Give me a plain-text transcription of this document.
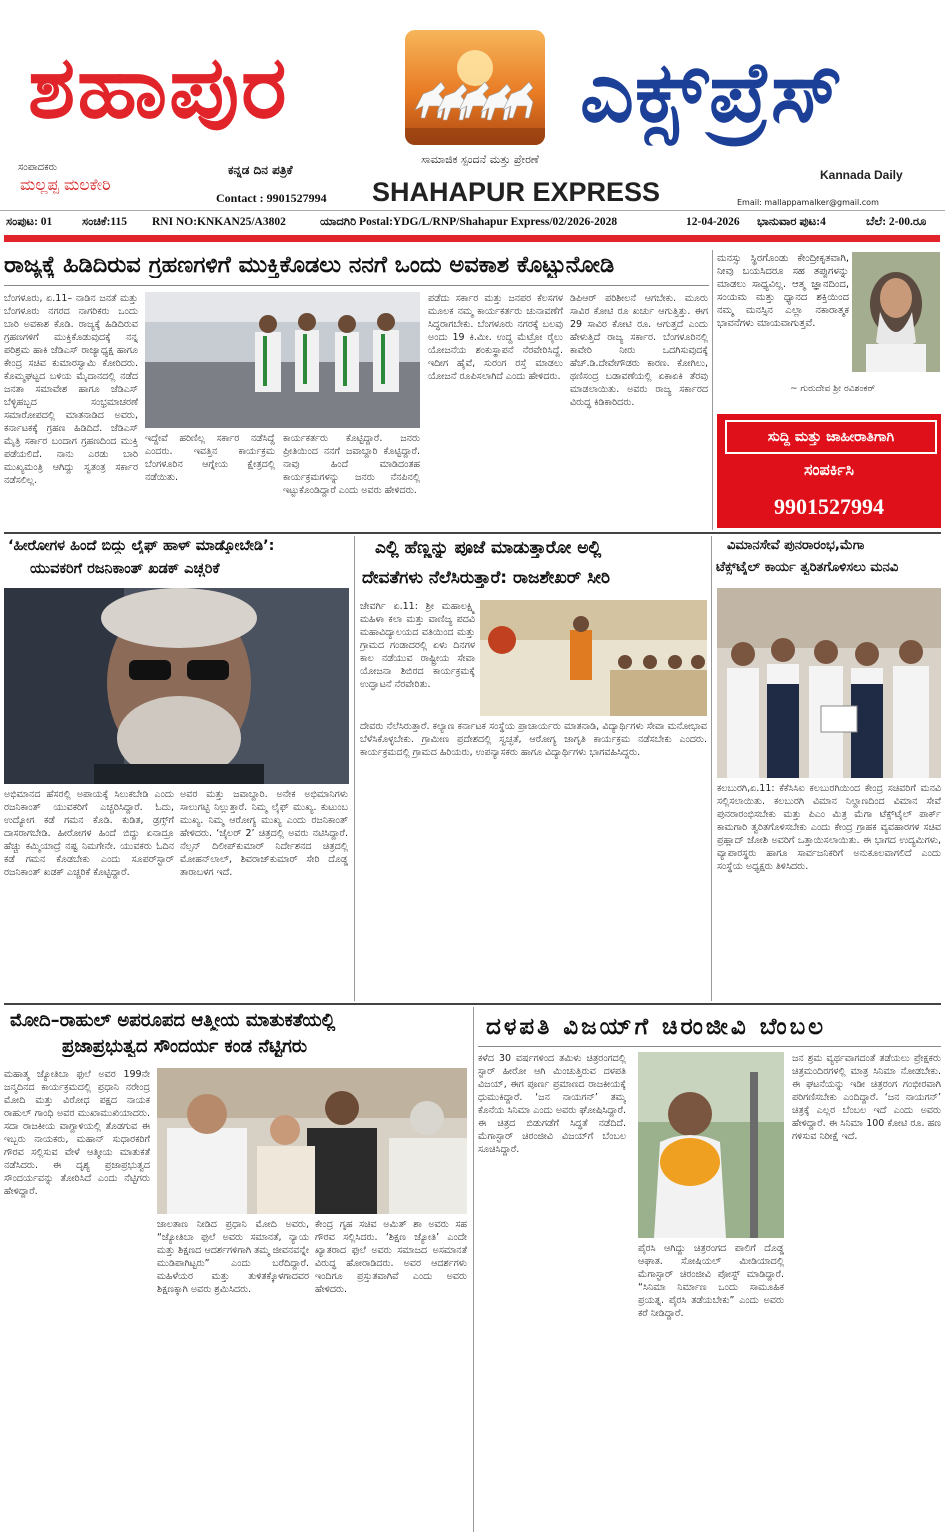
ಶಹಾಪುರ	ಎಕ್ಸ್‌ಪ್ರೆಸ್
ಸಾಮಾಜಿಕ ಸ್ಪಂದನೆ ಮತ್ತು ಪ್ರೇರಣೆ
SHAHAPUR EXPRESS
ಸಂಪಾದಕರು
ಮಲ್ಲಪ್ಪ ಮಲಕೇರಿ
ಕನ್ನಡ ದಿನ ಪತ್ರಿಕೆ
Contact : 9901527994
Kannada Daily
Email: mallappamalker@gmail.com
ಸಂಪುಟ: 01	ಸಂಚಿಕೆ:115 RNI NO:KNKAN25/A3802	ಯಾದಗಿರಿ Postal:YDG/L/RNP/Shahapur Express/02/2026-2028	12-04-2026 ಭಾನುವಾರ ಪುಟ:4	ಬೆಲೆ: 2-00.ರೂ
ರಾಜ್ಯಕ್ಕೆ ಹಿಡಿದಿರುವ ಗ್ರಹಣಗಳಿಗೆ ಮುಕ್ತಿಕೊಡಲು ನನಗೆ ಒಂದು ಅವಕಾಶ ಕೊಟ್ಟುನೋಡಿ
ಬೆಂಗಳೂರು, ಏ.11– ನಾಡಿನ ಜನತೆ ಮತ್ತು ಬೆಂಗಳೂರು ನಗರದ ನಾಗರಿಕರು ಒಂದು ಬಾರಿ ಅವಕಾಶ ಕೊಡಿ. ರಾಜ್ಯಕ್ಕೆ ಹಿಡಿದಿರುವ ಗ್ರಹಣಗಳಿಗೆ ಮುಕ್ತಿಕೊಡುವುದಕ್ಕೆ ನನ್ನ ಪರಿಶ್ರಮ ಹಾಕಿ ಜೆಡಿಎಸ್ ರಾಜ್ಯಾಧ್ಯಕ್ಷ ಹಾಗೂ ಕೇಂದ್ರ ಸಚಿವ ಕುಮಾರಸ್ವಾಮಿ ಕೋರಿದರು. ಕೊಮ್ಮಘಟ್ಟದ ಬಳಿಯ ಮೈದಾನದಲ್ಲಿ ನಡೆದ ಜನತಾ ಸಮಾವೇಶ ಹಾಗೂ ಜೆಡಿಎಸ್ ಬೆಳ್ಳಿಹಬ್ಬದ ಸಂಭ್ರಮಾಚರಣೆ ಸಮಾರೋಪದಲ್ಲಿ ಮಾತನಾಡಿದ ಅವರು, ಕರ್ನಾಟಕಕ್ಕೆ ಗ್ರಹಣ ಹಿಡಿದಿದೆ. ಜೆಡಿಎಸ್ ಮೈತ್ರಿ ಸರ್ಕಾರ ಬಂದಾಗ ಗ್ರಹಣದಿಂದ ಮುಕ್ತಿ ಪಡೆಯಲಿದೆ. ನಾನು ಎರಡು ಬಾರಿ ಮುಖ್ಯಮಂತ್ರಿ ಆಗಿದ್ದು ಸ್ವತಂತ್ರ ಸರ್ಕಾರ ನಡೆಸಲಿಲ್ಲ.
ಇದ್ದೇವೆ ಹರಿಣಿಲ್ಲ ಸರ್ಕಾರ ನಡೆಸಿದ್ದೆ ಎಂದರು. ಇವತ್ತಿನ ಕಾರ್ಯಕ್ರಮ ಬೆಂಗಳೂರಿನ ಆಗ್ನೇಯ ಕ್ಷೇತ್ರದಲ್ಲಿ ನಡೆಯಿತು.
ಕಾರ್ಯಕರ್ತರು ಕೊಟ್ಟಿದ್ದಾರೆ. ಜನರು ಪ್ರೀತಿಯಿಂದ ನನಗೆ ಜವಾಬ್ದಾರಿ ಕೊಟ್ಟಿದ್ದಾರೆ. ನಾವು ಹಿಂದೆ ಮಾಡಿದಂತಹ ಕಾರ್ಯಕ್ರಮಗಳನ್ನು ಜನರು ನೆನಪಿನಲ್ಲಿ ಇಟ್ಟುಕೊಂಡಿದ್ದಾರೆ ಎಂದು ಅವರು ಹೇಳಿದರು.
ಪಡೆದು ಸರ್ಕಾರ ಮತ್ತು ಜನಪರ ಕೆಲಸಗಳ ಮೂಲಕ ನಮ್ಮ ಕಾರ್ಯಕರ್ತರು ಚುನಾವಣೆಗೆ ಸಿದ್ಧರಾಗಬೇಕು. ಬೆಂಗಳೂರು ನಗರಕ್ಕೆ ಬಲವು ಅಂದು 19 ಕಿ.ಮೀ. ಉದ್ದ ಮೆಟ್ರೋ ರೈಲು ಯೋಜನೆಯ ಶಂಕುಸ್ಥಾಪನೆ ನೆರವೇರಿಸಿದ್ದೆ. ಇದೀಗ ಹೈವೆ, ಸುರಂಗ ರಸ್ತೆ ಮಾಡಲು ಯೋಜನೆ ರೂಪಿಸಲಾಗಿದೆ ಎಂದು ಹೇಳಿದರು.
ಡಿಪಿಆರ್ ಪರಿಶೀಲನೆ ಆಗಬೇಕು. ಮೂರು ಸಾವಿರ ಕೋಟಿ ರೂ ಖರ್ಚು ಆಗುತ್ತಿತ್ತು. ಈಗ 29 ಸಾವಿರ ಕೋಟಿ ರೂ. ಆಗುತ್ತದೆ ಎಂದು ಹೇಳುತ್ತಿದೆ ರಾಜ್ಯ ಸರ್ಕಾರ. ಬೆಂಗಳೂರಿನಲ್ಲಿ ಕಾವೇರಿ ನೀರು ಒದಗಿಸುವುದಕ್ಕೆ ಹೆಚ್.ಡಿ.ದೇವೇಗೌಡರು ಕಾರಣ. ಕೋಗಿಲು, ಥಣಿಸಂದ್ರ ಬಡಾವಣೆಯಲ್ಲಿ ಏಕಾಏಕಿ ತೆರವು ಮಾಡಲಾಯಿತು. ಅವರು ರಾಜ್ಯ ಸರ್ಕಾರದ ವಿರುದ್ಧ ಕಿಡಿಕಾರಿದರು.
ಮನಸ್ಸು ಸ್ಥಿರಗೊಂಡು ಕೇಂದ್ರೀಕೃತವಾಗಿ, ನೀವು ಬಯಸಿದರೂ ಸಹ ತಪ್ಪುಗಳನ್ನು ಮಾಡಲು ಸಾಧ್ಯವಿಲ್ಲ. ಆತ್ಮ ಜ್ಞಾನದಿಂದ, ಸಂಯಮ ಮತ್ತು ಧ್ಯಾನದ ಶಕ್ತಿಯಿಂದ ನಮ್ಮ ಮನಸ್ಸಿನ ಎಲ್ಲಾ ನಕಾರಾತ್ಮಕ ಭಾವನೆಗಳು ಮಾಯವಾಗುತ್ತವೆ.
~ ಗುರುದೇವ ಶ್ರೀ ರವಿಶಂಕರ್
ಸುದ್ದಿ ಮತ್ತು ಜಾಹೀರಾತಿಗಾಗಿ
ಸಂಪರ್ಕಿಸಿ
9901527994
‘ಹೀರೋಗಳ ಹಿಂದೆ ಬಿದ್ದು ಲೈಫ್ ಹಾಳ್ ಮಾಡ್ಕೋಬೇಡಿ’:
ಯುವಕರಿಗೆ ರಜನಿಕಾಂತ್ ಖಡಕ್ ಎಚ್ಚರಿಕೆ
ಅಭಿಮಾನದ ಹೆಸರಲ್ಲಿ ಅಪಾಯಕ್ಕೆ ಸಿಲುಕಬೇಡಿ ಎಂದು ರಜನಿಕಾಂತ್ ಯುವಕರಿಗೆ ಎಚ್ಚರಿಸಿದ್ದಾರೆ. ಓದು, ಉದ್ಯೋಗ ಕಡೆ ಗಮನ ಕೊಡಿ. ಕುಡಿತ, ಡ್ರಗ್ಸ್‌ಗೆ ದಾಸರಾಗಬೇಡಿ. ಹೀರೋಗಳ ಹಿಂದೆ ಬಿದ್ದು ಏನಾದ್ರೂ ಹೆಚ್ಚು ಕಮ್ಮಿಯಾದ್ರೆ ನಷ್ಟ ನಿಮಗೇನೇ. ಯುವಕರು ಓದಿನ ಕಡೆ ಗಮನ ಕೊಡಬೇಕು ಎಂದು ಸೂಪರ್‌ಸ್ಟಾರ್ ರಜನಿಕಾಂತ್ ಖಡಕ್ ಎಚ್ಚರಿಕೆ ಕೊಟ್ಟಿದ್ದಾರೆ.
ಅವರ ಮತ್ತು ಜವಾಬ್ದಾರಿ. ಅನೇಕ ಅಭಿಮಾನಿಗಳು ಸಾಲುಗಟ್ಟಿ ನಿಲ್ಲುತ್ತಾರೆ. ನಿಮ್ಮ ಲೈಫ್ ಮುಖ್ಯ. ಕುಟುಂಬ ಮುಖ್ಯ. ನಿಮ್ಮ ಆರೋಗ್ಯ ಮುಖ್ಯ ಎಂದು ರಜನಿಕಾಂತ್ ಹೇಳಿದರು. ‘ಜೈಲರ್ 2’ ಚಿತ್ರದಲ್ಲಿ ಅವರು ನಟಿಸಿದ್ದಾರೆ. ನೆಲ್ಸನ್ ದಿಲೀಪ್‌ಕುಮಾರ್ ನಿರ್ದೇಶನದ ಚಿತ್ರದಲ್ಲಿ ಮೋಹನ್‌ಲಾಲ್, ಶಿವರಾಜ್‌ಕುಮಾರ್ ಸೇರಿ ದೊಡ್ಡ ತಾರಾಬಳಗ ಇದೆ.
ಎಲ್ಲಿ ಹೆಣ್ಣನ್ನು ಪೂಜೆ ಮಾಡುತ್ತಾರೋ ಅಲ್ಲಿ
ದೇವತೆಗಳು ನೆಲೆಸಿರುತ್ತಾರೆ: ರಾಜಶೇಖರ್ ಸೀರಿ
ಜೇವರ್ಗಿ ಏ.11: ಶ್ರೀ ಮಹಾಲಕ್ಷ್ಮಿ ಮಹಿಳಾ ಕಲಾ ಮತ್ತು ವಾಣಿಜ್ಯ ಪದವಿ ಮಹಾವಿದ್ಯಾಲಯದ ವತಿಯಿಂದ ಮತ್ತು ಗ್ರಾಮದ ಗಂಡಾದರಲ್ಲಿ ಏಳು ದಿನಗಳ ಕಾಲ ನಡೆಯುವ ರಾಷ್ಟ್ರೀಯ ಸೇವಾ ಯೋಜನಾ ಶಿಬಿರದ ಕಾರ್ಯಕ್ರಮಕ್ಕೆ ಉದ್ಘಾಟನೆ ನೆರವೇರಿತು.
ದೇವರು ನೆಲೆಸಿರುತ್ತಾರೆ. ಕಲ್ಯಾಣ ಕರ್ನಾಟಕ ಸಂಸ್ಥೆಯ ಪ್ರಾಚಾರ್ಯರು ಮಾತನಾಡಿ, ವಿದ್ಯಾರ್ಥಿಗಳು ಸೇವಾ ಮನೋಭಾವ ಬೆಳೆಸಿಕೊಳ್ಳಬೇಕು. ಗ್ರಾಮೀಣ ಪ್ರದೇಶದಲ್ಲಿ ಸ್ವಚ್ಛತೆ, ಆರೋಗ್ಯ ಜಾಗೃತಿ ಕಾರ್ಯಕ್ರಮ ನಡೆಸಬೇಕು ಎಂದರು. ಕಾರ್ಯಕ್ರಮದಲ್ಲಿ ಗ್ರಾಮದ ಹಿರಿಯರು, ಉಪನ್ಯಾಸಕರು ಹಾಗೂ ವಿದ್ಯಾರ್ಥಿಗಳು ಭಾಗವಹಿಸಿದ್ದರು.
ವಿಮಾನಸೇವೆ ಪುನರಾರಂಭ,ಮೆಗಾ
ಟೆಕ್ಸ್‌ಟೈಲ್ ಕಾರ್ಯ ತ್ವರಿತಗೊಳಿಸಲು ಮನವಿ
ಕಲಬುರಗಿ,ಏ.11: ಕೆಕೆಸಿಸಿಐ ಕಲಬುರಗಿಯಿಂದ ಕೇಂದ್ರ ಸಚಿವರಿಗೆ ಮನವಿ ಸಲ್ಲಿಸಲಾಯಿತು. ಕಲಬುರಗಿ ವಿಮಾನ ನಿಲ್ದಾಣದಿಂದ ವಿಮಾನ ಸೇವೆ ಪುನರಾರಂಭಿಸಬೇಕು ಮತ್ತು ಪಿಎಂ ಮಿತ್ರ ಮೆಗಾ ಟೆಕ್ಸ್‌ಟೈಲ್ ಪಾರ್ಕ್ ಕಾಮಗಾರಿ ತ್ವರಿತಗೊಳಿಸಬೇಕು ಎಂದು ಕೇಂದ್ರ ಗ್ರಾಹಕ ವ್ಯವಹಾರಗಳ ಸಚಿವ ಪ್ರಹ್ಲಾದ್ ಜೋಶಿ ಅವರಿಗೆ ಒತ್ತಾಯಿಸಲಾಯಿತು. ಈ ಭಾಗದ ಉದ್ಯಮಿಗಳು, ವ್ಯಾಪಾರಸ್ಥರು ಹಾಗೂ ಸಾರ್ವಜನಿಕರಿಗೆ ಅನುಕೂಲವಾಗಲಿದೆ ಎಂದು ಸಂಸ್ಥೆಯ ಅಧ್ಯಕ್ಷರು ತಿಳಿಸಿದರು.
ಮೋದಿ–ರಾಹುಲ್ ಅಪರೂಪದ ಆತ್ಮೀಯ ಮಾತುಕತೆಯಲ್ಲಿ
ಪ್ರಜಾಪ್ರಭುತ್ವದ ಸೌಂದರ್ಯ ಕಂಡ ನೆಟ್ಟಿಗರು
ಮಹಾತ್ಮ ಜ್ಯೋತಿಬಾ ಫುಲೆ ಅವರ 199ನೇ ಜನ್ಮದಿನದ ಕಾರ್ಯಕ್ರಮದಲ್ಲಿ ಪ್ರಧಾನಿ ನರೇಂದ್ರ ಮೋದಿ ಮತ್ತು ವಿರೋಧ ಪಕ್ಷದ ನಾಯಕ ರಾಹುಲ್ ಗಾಂಧಿ ಅವರ ಮುಖಾಮುಖಿಯಾದರು. ಸದಾ ರಾಜಕೀಯ ವಾಗ್ದಾಳಿಯಲ್ಲಿ ತೊಡಗುವ ಈ ಇಬ್ಬರು ನಾಯಕರು, ಮಹಾನ್ ಸುಧಾರಕರಿಗೆ ಗೌರವ ಸಲ್ಲಿಸುವ ವೇಳೆ ಆತ್ಮೀಯ ಮಾತುಕತೆ ನಡೆಸಿದರು. ಈ ದೃಶ್ಯ ಪ್ರಜಾಪ್ರಭುತ್ವದ ಸೌಂದರ್ಯವನ್ನು ತೋರಿಸಿದೆ ಎಂದು ನೆಟ್ಟಿಗರು ಹೇಳಿದ್ದಾರೆ.
ಜಾಲತಾಣ ನೀಡಿದ ಪ್ರಧಾನಿ ಮೋದಿ ಅವರು, “ಜ್ಯೋತಿಬಾ ಫುಲೆ ಅವರು ಸಮಾನತೆ, ನ್ಯಾಯ ಮತ್ತು ಶಿಕ್ಷಣದ ಆದರ್ಶಗಳಿಗಾಗಿ ತಮ್ಮ ಜೀವನವನ್ನೇ ಮುಡಿಪಾಗಿಟ್ಟರು” ಎಂದು ಬರೆದಿದ್ದಾರೆ. ಮಹಿಳೆಯರ ಮತ್ತು ತುಳಿತಕ್ಕೊಳಗಾದವರ ಶಿಕ್ಷಣಕ್ಕಾಗಿ ಅವರು ಶ್ರಮಿಸಿದರು.
ಕೇಂದ್ರ ಗೃಹ ಸಚಿವ ಅಮಿತ್ ಶಾ ಅವರು ಸಹ ಗೌರವ ಸಲ್ಲಿಸಿದರು. ‘ಶಿಕ್ಷಣ ಜ್ಯೋತಿ’ ಎಂದೇ ಖ್ಯಾತರಾದ ಫುಲೆ ಅವರು ಸಮಾಜದ ಅಸಮಾನತೆ ವಿರುದ್ಧ ಹೋರಾಡಿದರು. ಅವರ ಆದರ್ಶಗಳು ಇಂದಿಗೂ ಪ್ರಸ್ತುತವಾಗಿವೆ ಎಂದು ಅವರು ಹೇಳಿದರು.
ದಳಪತಿ ವಿಜಯ್‌ಗೆ ಚಿರಂಜೀವಿ ಬೆಂಬಲ
ಕಳೆದ 30 ವರ್ಷಗಳಿಂದ ತಮಿಳು ಚಿತ್ರರಂಗದಲ್ಲಿ ಸ್ಟಾರ್ ಹೀರೋ ಆಗಿ ಮಿಂಚುತ್ತಿರುವ ದಳಪತಿ ವಿಜಯ್, ಈಗ ಪೂರ್ಣ ಪ್ರಮಾಣದ ರಾಜಕೀಯಕ್ಕೆ ಧುಮುಕಿದ್ದಾರೆ. ‘ಜನ ನಾಯಗನ್’ ತಮ್ಮ ಕೊನೆಯ ಸಿನಿಮಾ ಎಂದು ಅವರು ಘೋಷಿಸಿದ್ದಾರೆ. ಈ ಚಿತ್ರದ ಬಿಡುಗಡೆಗೆ ಸಿದ್ಧತೆ ನಡೆದಿದೆ. ಮೆಗಾಸ್ಟಾರ್ ಚಿರಂಜೀವಿ ವಿಜಯ್‌ಗೆ ಬೆಂಬಲ ಸೂಚಿಸಿದ್ದಾರೆ.
ಪೈರಸಿ ಆಗಿದ್ದು ಚಿತ್ರರಂಗದ ಪಾಲಿಗೆ ದೊಡ್ಡ ಆಘಾತ. ಸೋಷಿಯಲ್ ಮೀಡಿಯಾದಲ್ಲಿ ಮೆಗಾಸ್ಟಾರ್ ಚಿರಂಜೀವಿ ಪೋಸ್ಟ್ ಮಾಡಿದ್ದಾರೆ. “ಸಿನಿಮಾ ನಿರ್ಮಾಣ ಒಂದು ಸಾಮೂಹಿಕ ಪ್ರಯತ್ನ. ಪೈರಸಿ ತಡೆಯಬೇಕು” ಎಂದು ಅವರು ಕರೆ ನೀಡಿದ್ದಾರೆ.
ಜನ ಶ್ರಮ ವ್ಯರ್ಥವಾಗದಂತೆ ತಡೆಯಲು ಪ್ರೇಕ್ಷಕರು ಚಿತ್ರಮಂದಿರಗಳಲ್ಲಿ ಮಾತ್ರ ಸಿನಿಮಾ ನೋಡಬೇಕು. ಈ ಘಟನೆಯನ್ನು ಇಡೀ ಚಿತ್ರರಂಗ ಗಂಭೀರವಾಗಿ ಪರಿಗಣಿಸಬೇಕು ಎಂದಿದ್ದಾರೆ. ‘ಜನ ನಾಯಗನ್’ ಚಿತ್ರಕ್ಕೆ ಎಲ್ಲರ ಬೆಂಬಲ ಇದೆ ಎಂದು ಅವರು ಹೇಳಿದ್ದಾರೆ. ಈ ಸಿನಿಮಾ 100 ಕೋಟಿ ರೂ. ಹಣ ಗಳಿಸುವ ನಿರೀಕ್ಷೆ ಇದೆ.
